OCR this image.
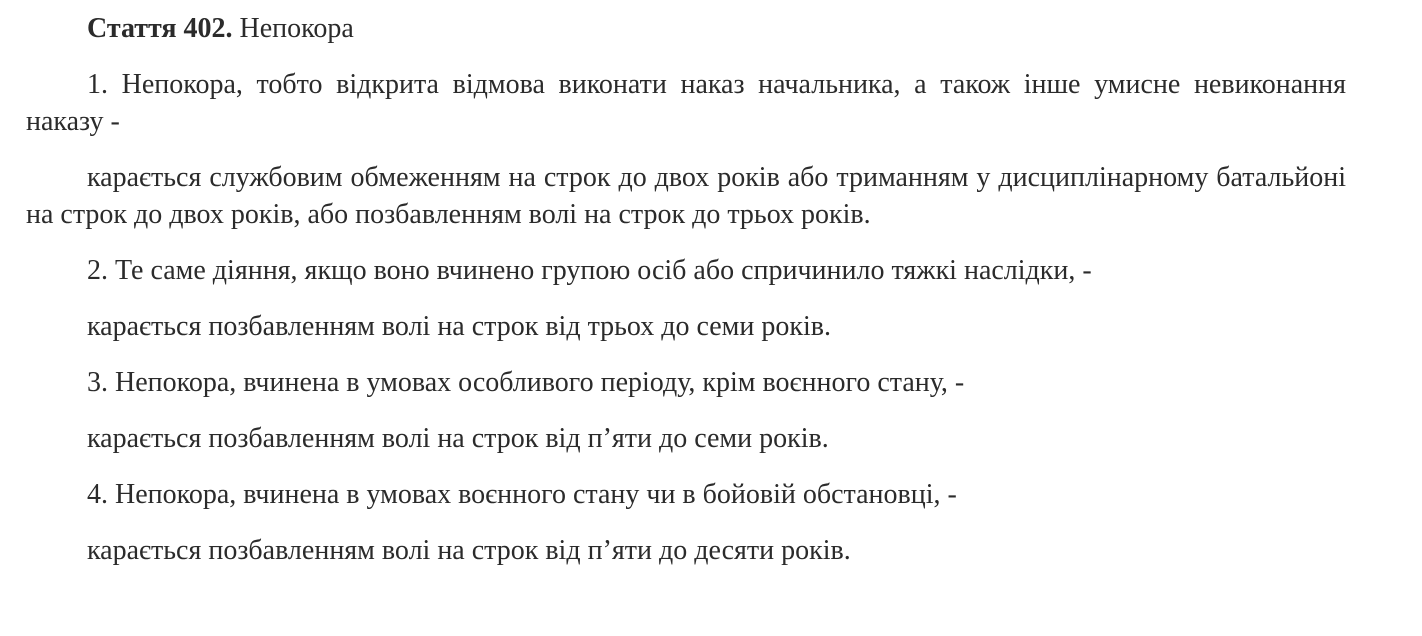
Стаття 402. Непокора

1. Непокора, тобто відкрита відмова виконати наказ начальника, а також інше умисне невиконання наказу -

карається службовим обмеженням на строк до двох років або триманням у дисциплінарному батальйоні на строк до двох років, або позбавленням волі на строк до трьох років.

2. Те саме діяння, якщо воно вчинено групою осіб або спричинило тяжкі наслідки, -

карається позбавленням волі на строк від трьох до семи років.

3. Непокора, вчинена в умовах особливого періоду, крім воєнного стану, -

карається позбавленням волі на строк від п’яти до семи років.

4. Непокора, вчинена в умовах воєнного стану чи в бойовій обстановці, -

карається позбавленням волі на строк від п’яти до десяти років.
